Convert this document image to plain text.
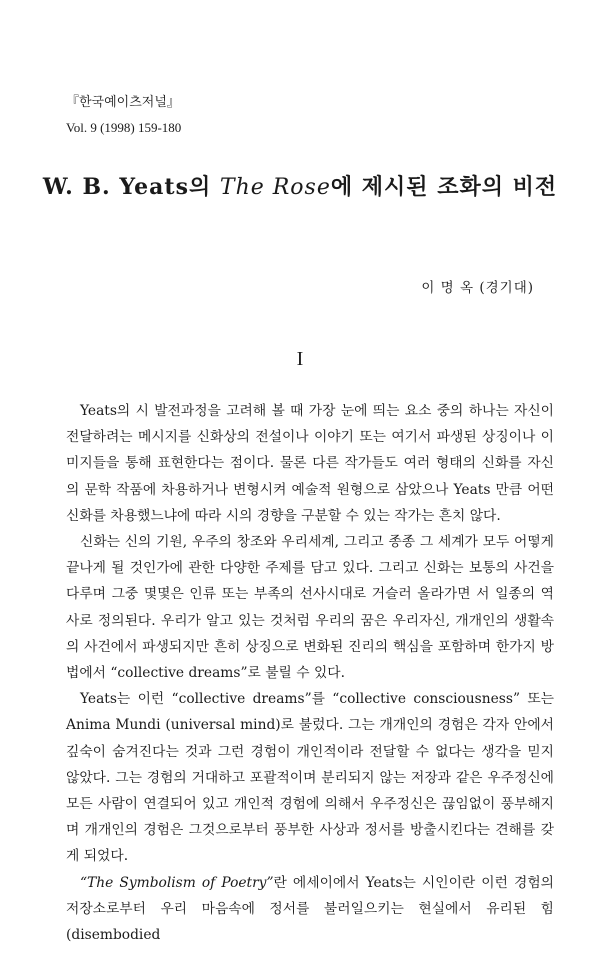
『한국예이츠저널』
Vol. 9 (1998) 159-180
W. B. Yeats의 The Rose에 제시된 조화의 비전
이 명 옥 (경기대)
I

Yeats의 시 발전과정을 고려해 볼 때 가장 눈에 띄는 요소 중의 하나는 자신이 전달하려는 메시지를 신화상의 전설이나 이야기 또는 여기서 파생된 상징이나 이미지들을 통해 표현한다는 점이다. 물론 다른 작가들도 여러 형태의 신화를 자신의 문학 작품에 차용하거나 변형시켜 예술적 원형으로 삼았으나 Yeats 만큼 어떤 신화를 차용했느냐에 따라 시의 경향을 구분할 수 있는 작가는 흔치 않다.

신화는 신의 기원, 우주의 창조와 우리세계, 그리고 종종 그 세계가 모두 어떻게 끝나게 될 것인가에 관한 다양한 주제를 담고 있다. 그리고 신화는 보통의 사건을 다루며 그중 몇몇은 인류 또는 부족의 선사시대로 거슬러 올라가면 서 일종의 역사로 정의된다. 우리가 알고 있는 것처럼 우리의 꿈은 우리자신, 개개인의 생활속의 사건에서 파생되지만 흔히 상징으로 변화된 진리의 핵심을 포함하며 한가지 방법에서 “collective dreams”로 불릴 수 있다.

Yeats는 이런 “collective dreams”를 “collective consciousness” 또는 Anima Mundi (universal mind)로 불렀다. 그는 개개인의 경험은 각자 안에서 깊숙이 숨겨진다는 것과 그런 경험이 개인적이라 전달할 수 없다는 생각을 믿지 않았다. 그는 경험의 거대하고 포괄적이며 분리되지 않는 저장과 같은 우주정신에 모든 사람이 연결되어 있고 개인적 경험에 의해서 우주정신은 끊임없이 풍부해지며 개개인의 경험은 그것으로부터 풍부한 사상과 정서를 방출시킨다는 견해를 갖게 되었다.

“The Symbolism of Poetry”란 에세이에서 Yeats는 시인이란 이런 경험의 저장소로부터 우리 마음속에 정서를 불러일으키는 현실에서 유리된 힘(disembodied
